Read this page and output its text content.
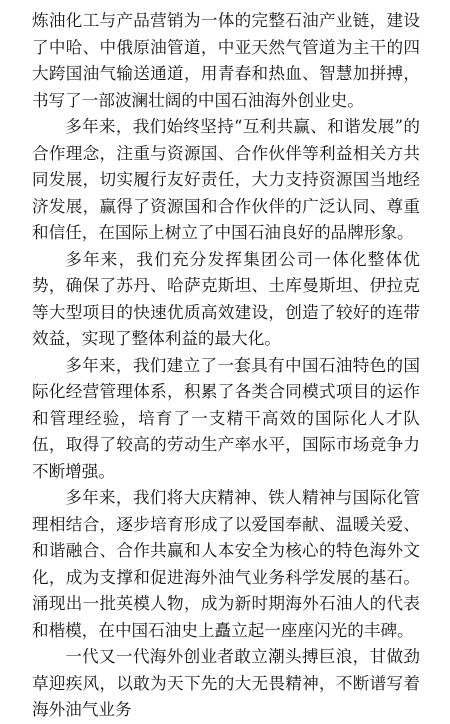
炼油化工与产品营销为一体的完整石油产业链，建设了中哈、中俄原油管道，中亚天然气管道为主干的四大跨国油气输送通道，用青春和热血、智慧加拼搏，书写了一部波澜壮阔的中国石油海外创业史。

多年来，我们始终坚持“互利共赢、和谐发展”的合作理念，注重与资源国、合作伙伴等利益相关方共同发展，切实履行友好责任，大力支持资源国当地经济发展，赢得了资源国和合作伙伴的广泛认同、尊重和信任，在国际上树立了中国石油良好的品牌形象。

多年来，我们充分发挥集团公司一体化整体优势，确保了苏丹、哈萨克斯坦、土库曼斯坦、伊拉克等大型项目的快速优质高效建设，创造了较好的连带效益，实现了整体利益的最大化。

多年来，我们建立了一套具有中国石油特色的国际化经营管理体系，积累了各类合同模式项目的运作和管理经验，培育了一支精干高效的国际化人才队伍，取得了较高的劳动生产率水平，国际市场竞争力不断增强。

多年来，我们将大庆精神、铁人精神与国际化管理相结合，逐步培育形成了以爱国奉献、温暖关爱、和谐融合、合作共赢和人本安全为核心的特色海外文化，成为支撑和促进海外油气业务科学发展的基石。涌现出一批英模人物，成为新时期海外石油人的代表和楷模，在中国石油史上矗立起一座座闪光的丰碑。

一代又一代海外创业者敢立潮头搏巨浪，甘做劲草迎疾风，以敢为天下先的大无畏精神，不断谱写着海外油气业务
